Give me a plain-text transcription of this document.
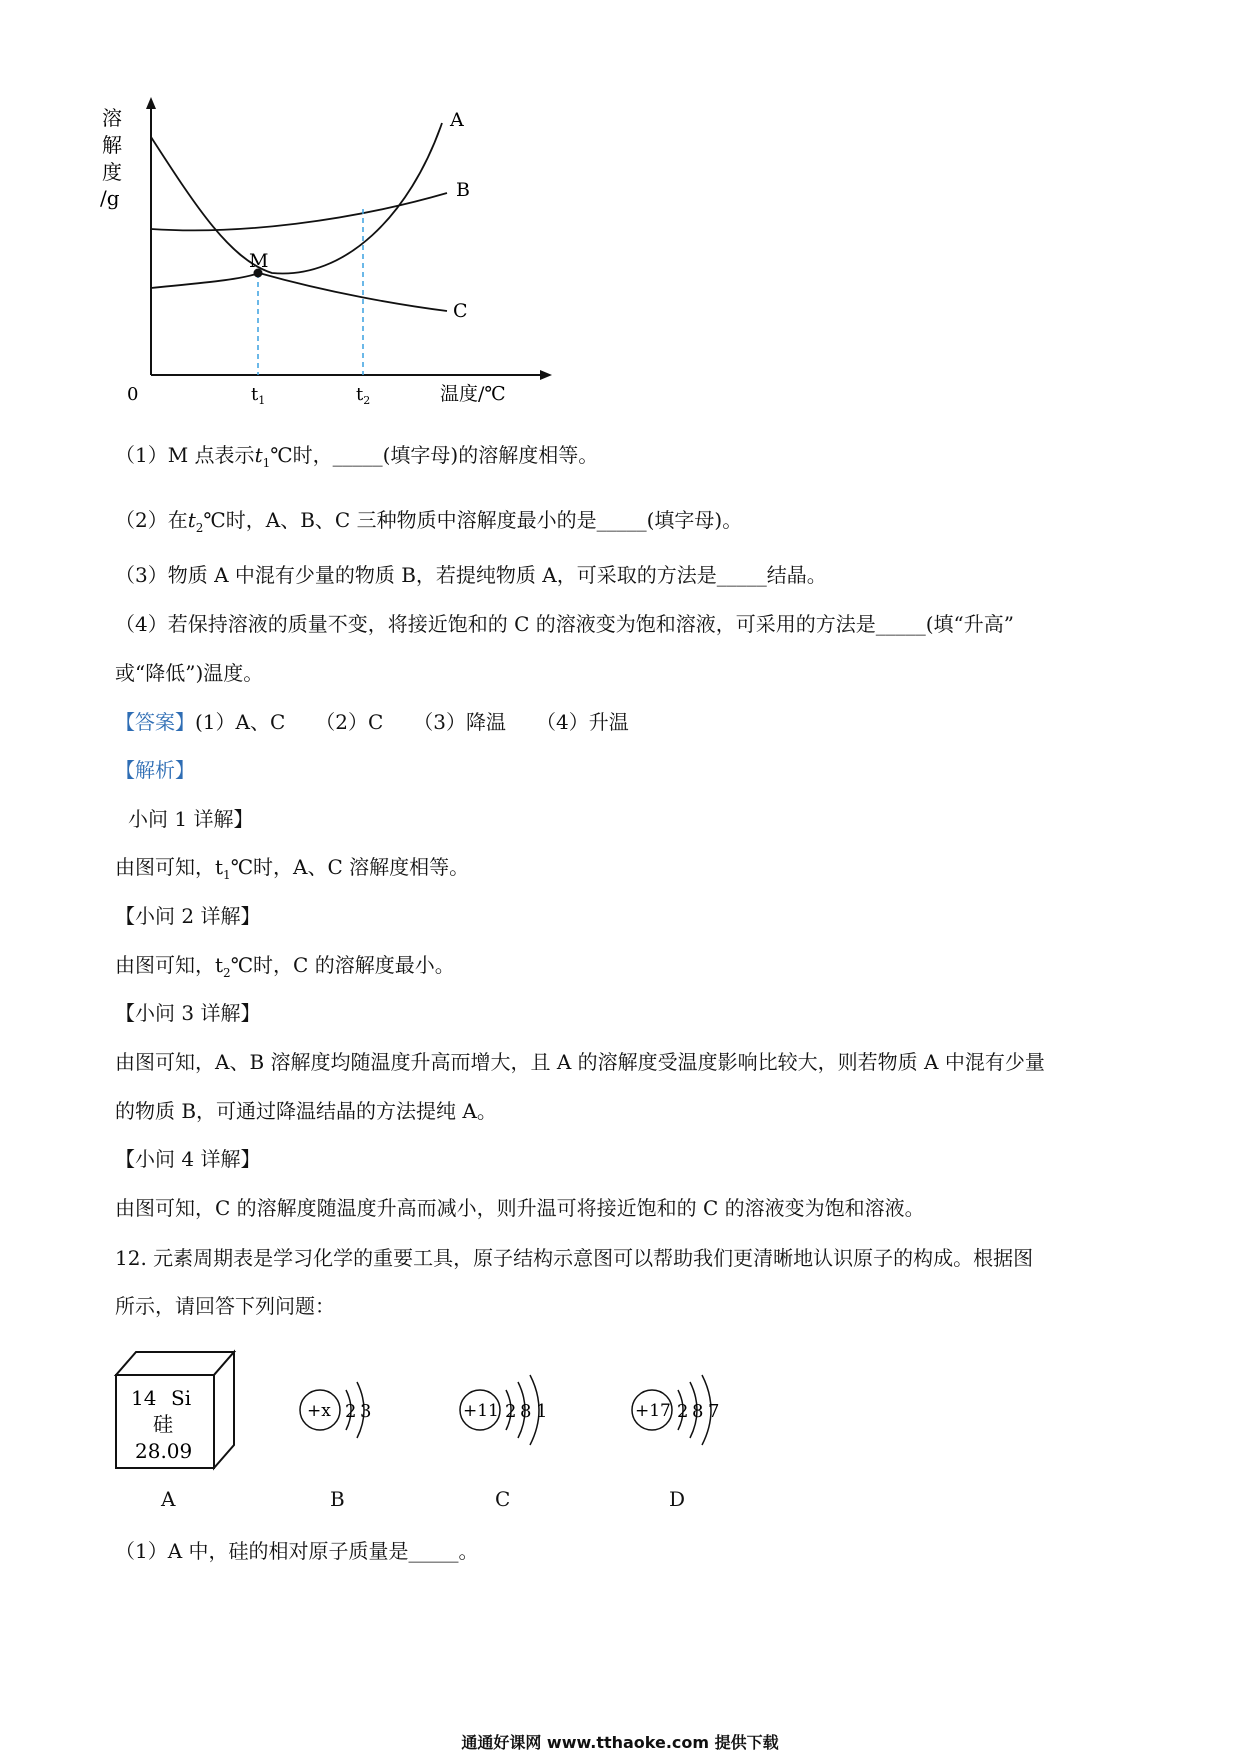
溶
解
度
/g
M
A
B
C
0	$t_1$	$t_2$	温度/℃
（1）M 点表示$t_1℃$时，_____(填字母)的溶解度相等。
（2）在$t_2℃$时，A、B、C 三种物质中溶解度最小的是_____(填字母)。
（3）物质 A 中混有少量的物质 B，若提纯物质 A，可采取的方法是_____结晶。
（4）若保持溶液的质量不变，将接近饱和的 C 的溶液变为饱和溶液，可采用的方法是_____(填“升高”
或“降低”)温度。
【答案】(1）A、C　　（2）C　　（3）降温　　（4）升温
【解析】
小问 1 详解】
由图可知，$t_1℃$时，A、C 溶解度相等。
【小问 2 详解】
由图可知，$t_2℃$时，C 的溶解度最小。
【小问 3 详解】
由图可知，A、B 溶解度均随温度升高而增大，且 A 的溶解度受温度影响比较大，则若物质 A 中混有少量
的物质 B，可通过降温结晶的方法提纯 A。
【小问 4 详解】
由图可知，C 的溶解度随温度升高而减小，则升温可将接近饱和的 C 的溶液变为饱和溶液。
12. 元素周期表是学习化学的重要工具，原子结构示意图可以帮助我们更清晰地认识原子的构成。根据图
所示，请回答下列问题：
14 Si
硅
28.09
+x 2 3	+11 2 8 1	+17 2 8 7
A	B	C	D
（1）A 中，硅的相对原子质量是_____。
通通好课网 www.tthaoke.com 提供下载
